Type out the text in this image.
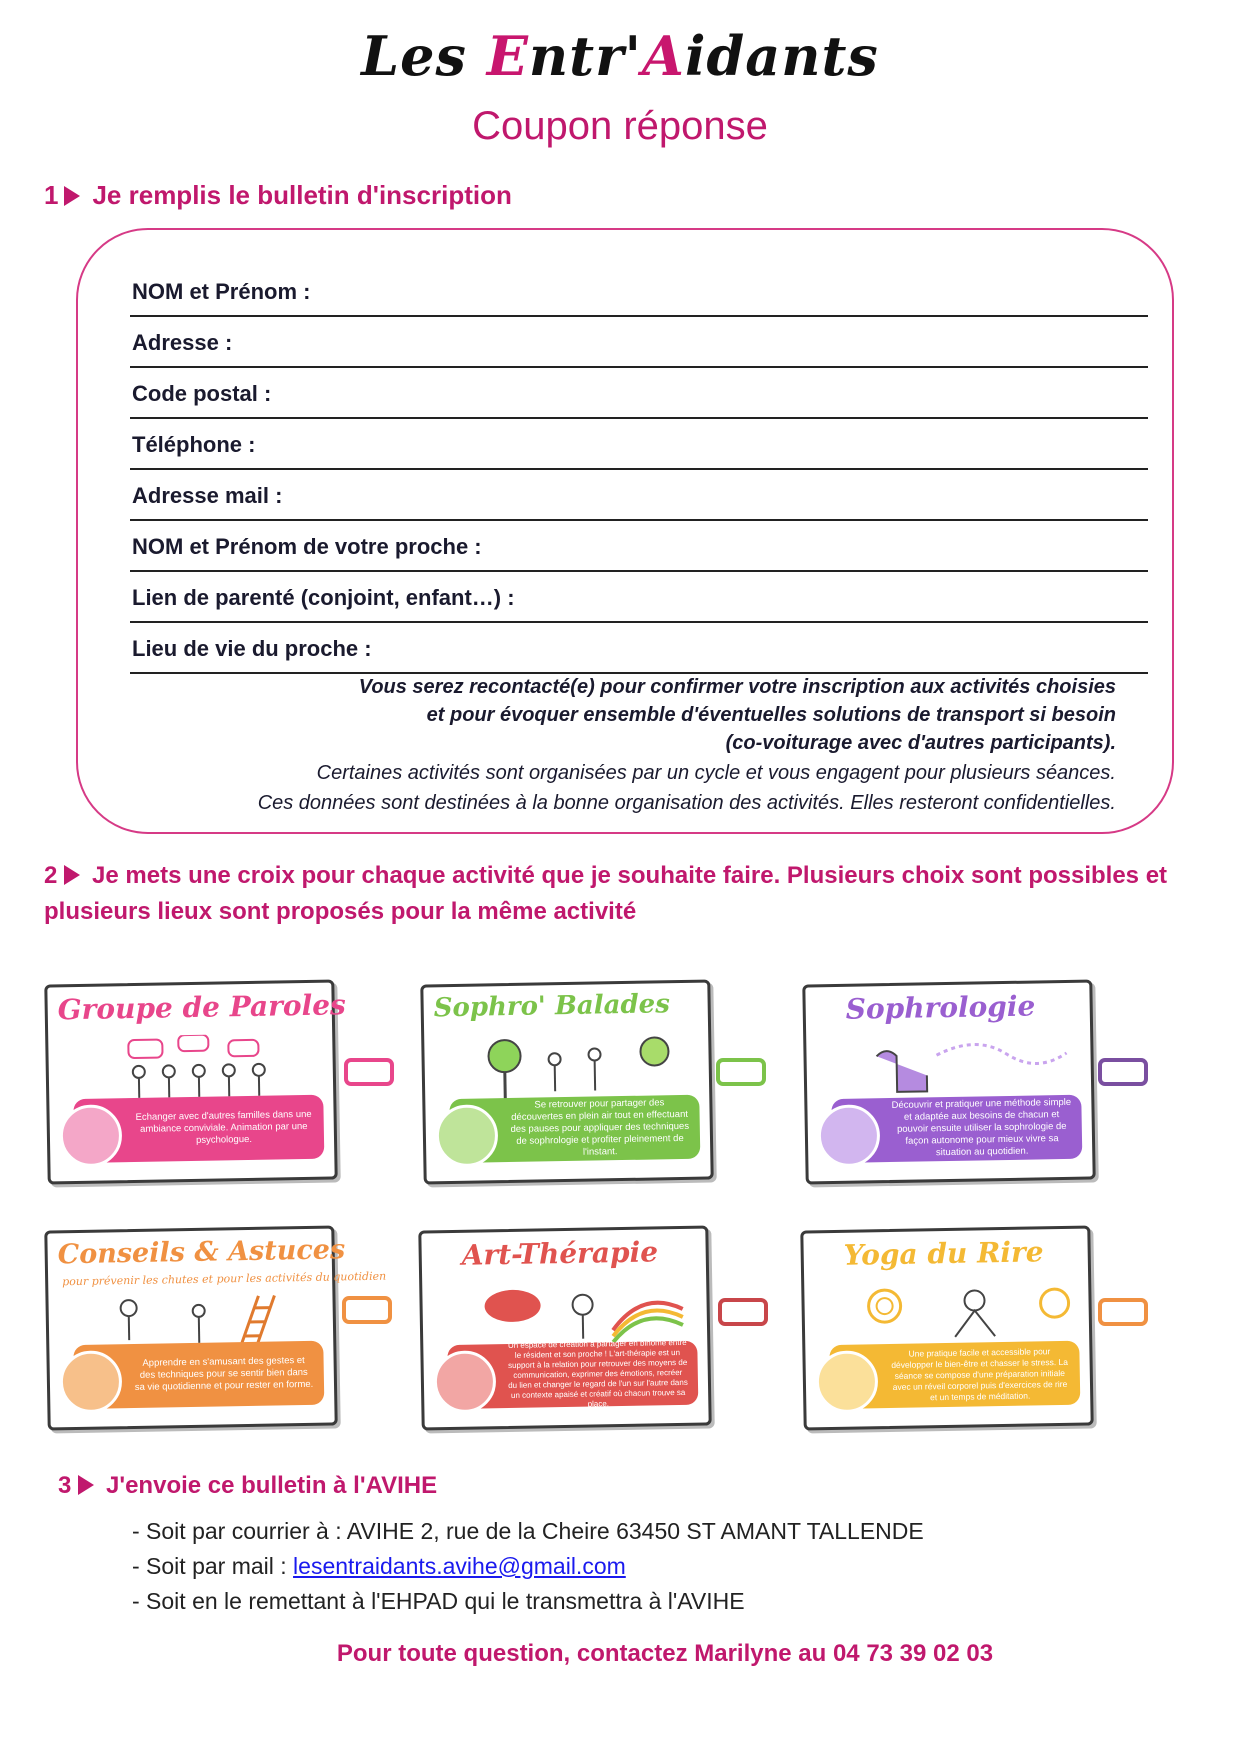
Les Entr'Aidants
Coupon réponse
1 Je remplis le bulletin d'inscription
NOM et Prénom :
Adresse :
Code postal :
Téléphone :
Adresse mail :
NOM et Prénom de votre proche :
Lien de parenté (conjoint, enfant…) :
Lieu de vie du proche :
Vous serez recontacté(e) pour confirmer votre inscription aux activités choisies
et pour évoquer ensemble d'éventuelles solutions de transport si besoin
(co-voiturage avec d'autres participants).
Certaines activités sont organisées par un cycle et vous engagent pour plusieurs séances.
Ces données sont destinées à la bonne organisation des activités. Elles resteront confidentielles.
2 Je mets une croix pour chaque activité que je souhaite faire. Plusieurs choix sont possibles et plusieurs lieux sont proposés pour la même activité
Groupe de Paroles
Echanger avec d'autres familles dans une ambiance conviviale. Animation par une psychologue.
Sophro' Balades
Se retrouver pour partager des découvertes en plein air tout en effectuant des pauses pour appliquer des techniques de sophrologie et profiter pleinement de l'instant.
Sophrologie
Découvrir et pratiquer une méthode simple et adaptée aux besoins de chacun et pouvoir ensuite utiliser la sophrologie de façon autonome pour mieux vivre sa situation au quotidien.
Conseils & Astuces
pour prévenir les chutes et pour les activités du quotidien
Apprendre en s'amusant des gestes et des techniques pour se sentir bien dans sa vie quotidienne et pour rester en forme.
Art-Thérapie
Un espace de création à partager en binôme entre le résident et son proche ! L'art-thérapie est un support à la relation pour retrouver des moyens de communication, exprimer des émotions, recréer du lien et changer le regard de l'un sur l'autre dans un contexte apaisé et créatif où chacun trouve sa place.
Yoga du Rire
Une pratique facile et accessible pour développer le bien-être et chasser le stress. La séance se compose d'une préparation initiale avec un réveil corporel puis d'exercices de rire et un temps de méditation.
3 J'envoie ce bulletin à l'AVIHE
- Soit par courrier à : AVIHE 2, rue de la Cheire 63450 ST AMANT TALLENDE
- Soit par mail : lesentraidants.avihe@gmail.com
- Soit en le remettant à l'EHPAD qui le transmettra à l'AVIHE
Pour toute question, contactez Marilyne au 04 73 39 02 03
